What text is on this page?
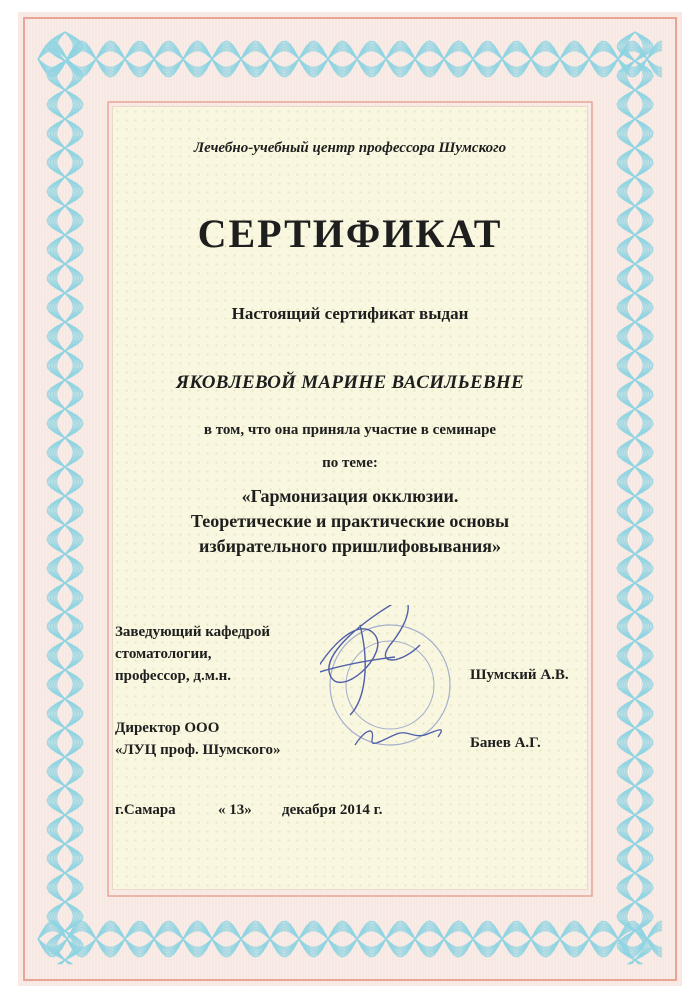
Лечебно-учебный центр профессора Шумского
СЕРТИФИКАТ
Настоящий сертификат выдан
ЯКОВЛЕВОЙ МАРИНЕ ВАСИЛЬЕВНЕ
в том, что она приняла участие в семинаре
по теме:
«Гармонизация окклюзии.
Теоретические и практические основы
избирательного пришлифовывания»
Заведующий кафедрой
стоматологии,
профессор, д.м.н.	Шумский А.В.
Директор ООО
«ЛУЦ проф. Шумского»	Банев А.Г.
г.Самара	« 13» декабря 2014 г.
